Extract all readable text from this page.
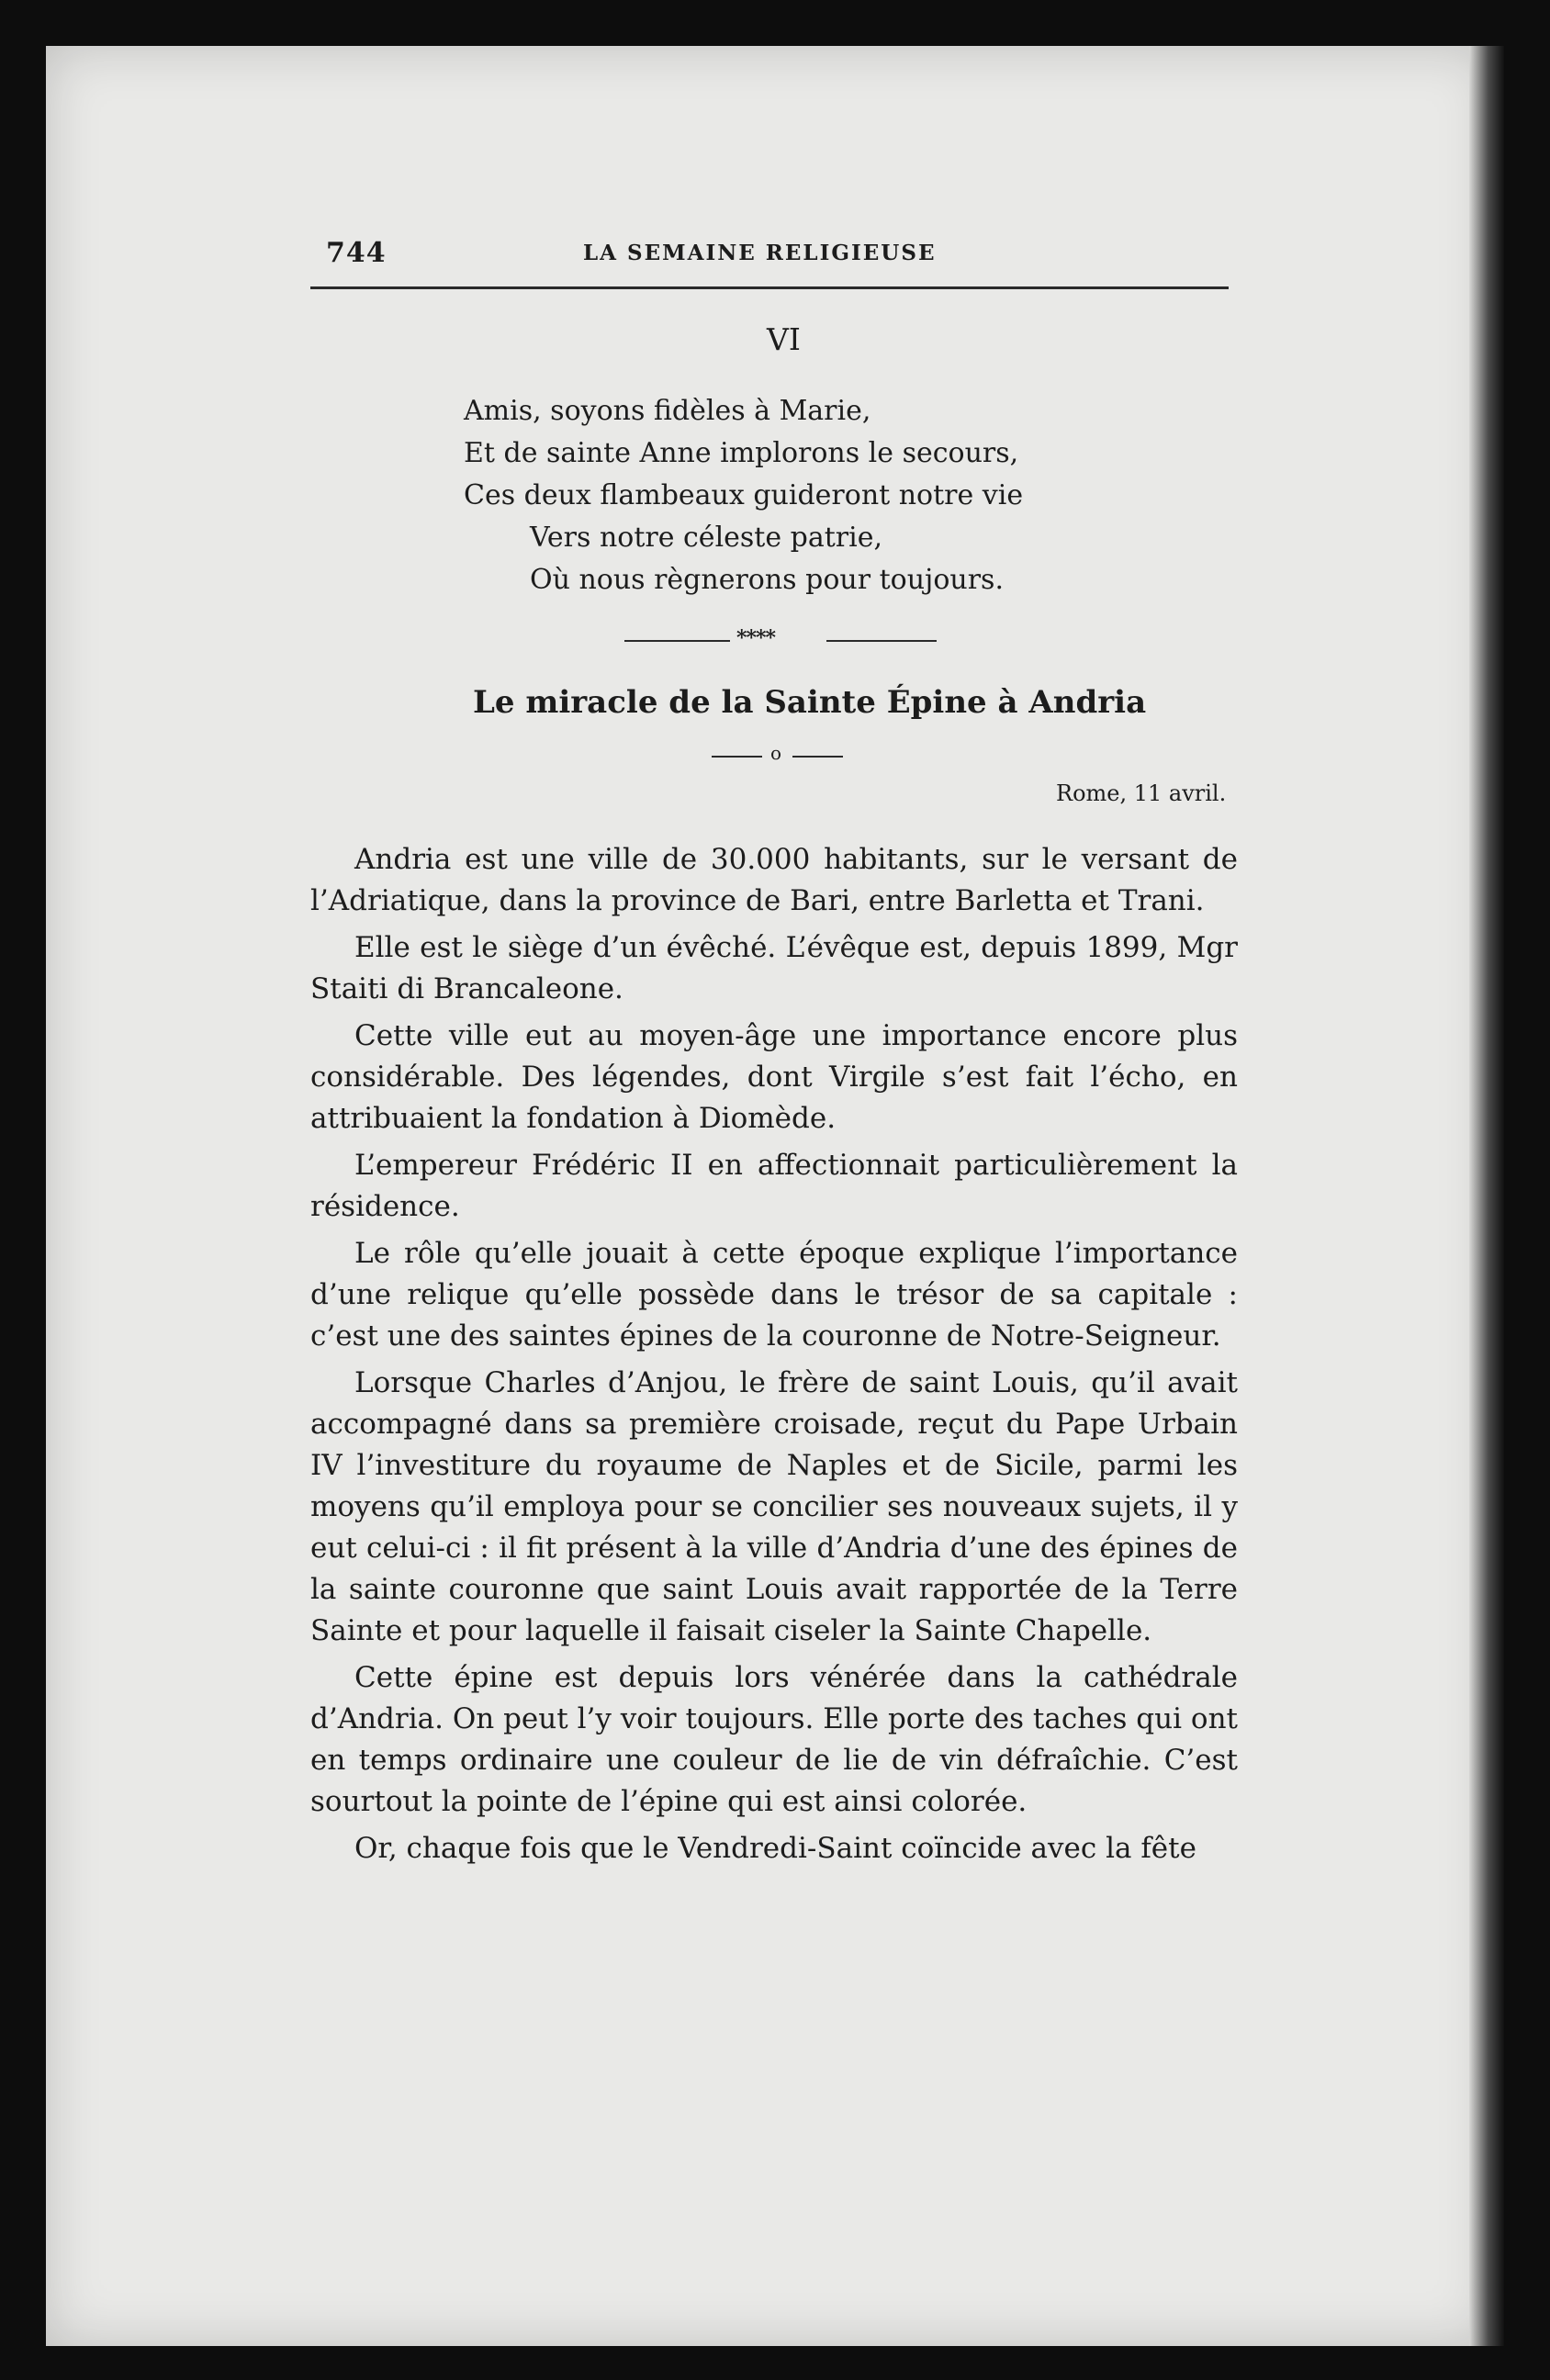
744	LA SEMAINE RELIGIEUSE
VI
Amis, soyons fidèles à Marie,
Et de sainte Anne implorons le secours,
Ces deux flambeaux guideront notre vie
Vers notre céleste patrie,
Où nous règnerons pour toujours.
****
Le miracle de la Sainte Épine à Andria
o
Rome, 11 avril.

Andria est une ville de 30.000 habitants, sur le versant de l’Adriatique, dans la province de Bari, entre Barletta et Trani.

Elle est le siège d’un évêché. L’évêque est, depuis 1899, Mgr Staiti di Brancaleone.

Cette ville eut au moyen-âge une importance encore plus considérable. Des légendes, dont Virgile s’est fait l’écho, en attribuaient la fondation à Diomède.

L’empereur Frédéric II en affectionnait particulièrement la résidence.

Le rôle qu’elle jouait à cette époque explique l’importance d’une relique qu’elle possède dans le trésor de sa capitale : c’est une des saintes épines de la couronne de Notre-Seigneur.

Lorsque Charles d’Anjou, le frère de saint Louis, qu’il avait accompagné dans sa première croisade, reçut du Pape Urbain IV l’investiture du royaume de Naples et de Sicile, parmi les moyens qu’il employa pour se concilier ses nouveaux sujets, il y eut celui-ci : il fit présent à la ville d’Andria d’une des épines de la sainte couronne que saint Louis avait rapportée de la Terre Sainte et pour laquelle il faisait ciseler la Sainte Chapelle.

Cette épine est depuis lors vénérée dans la cathédrale d’Andria. On peut l’y voir toujours. Elle porte des taches qui ont en temps ordinaire une couleur de lie de vin défraîchie. C’est sourtout la pointe de l’épine qui est ainsi colorée.

Or, chaque fois que le Vendredi-Saint coïncide avec la fête
